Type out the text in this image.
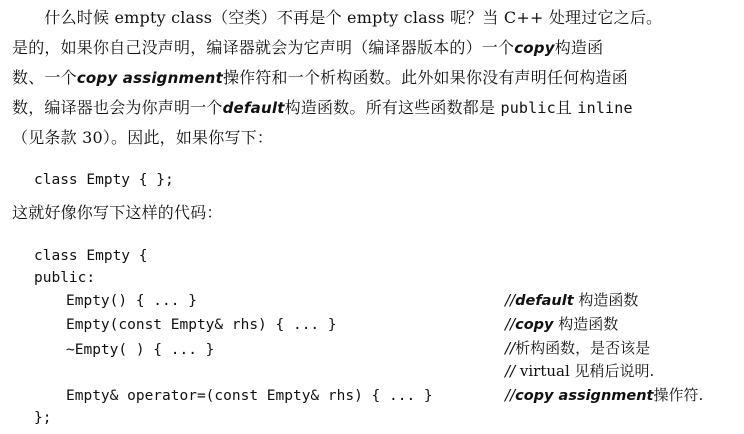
　　什么时候 empty class（空类）不再是个 empty class 呢？当 C++ 处理过它之后。
是的，如果你自己没声明，编译器就会为它声明（编译器版本的）一个copy构造函
数、一个copy assignment操作符和一个析构函数。此外如果你没有声明任何构造函
数，编译器也会为你声明一个default构造函数。所有这些函数都是 public且 inline
（见条款 30）。因此，如果你写下：
class Empty { };
这就好像你写下这样的代码：
class Empty {
public:
Empty() { ... }
Empty(const Empty& rhs) { ... }
~Empty( ) { ... }
Empty& operator=(const Empty& rhs) { ... }
};
//default 构造函数
//copy 构造函数
//析构函数，是否该是
// virtual 见稍后说明.
//copy assignment操作符.
